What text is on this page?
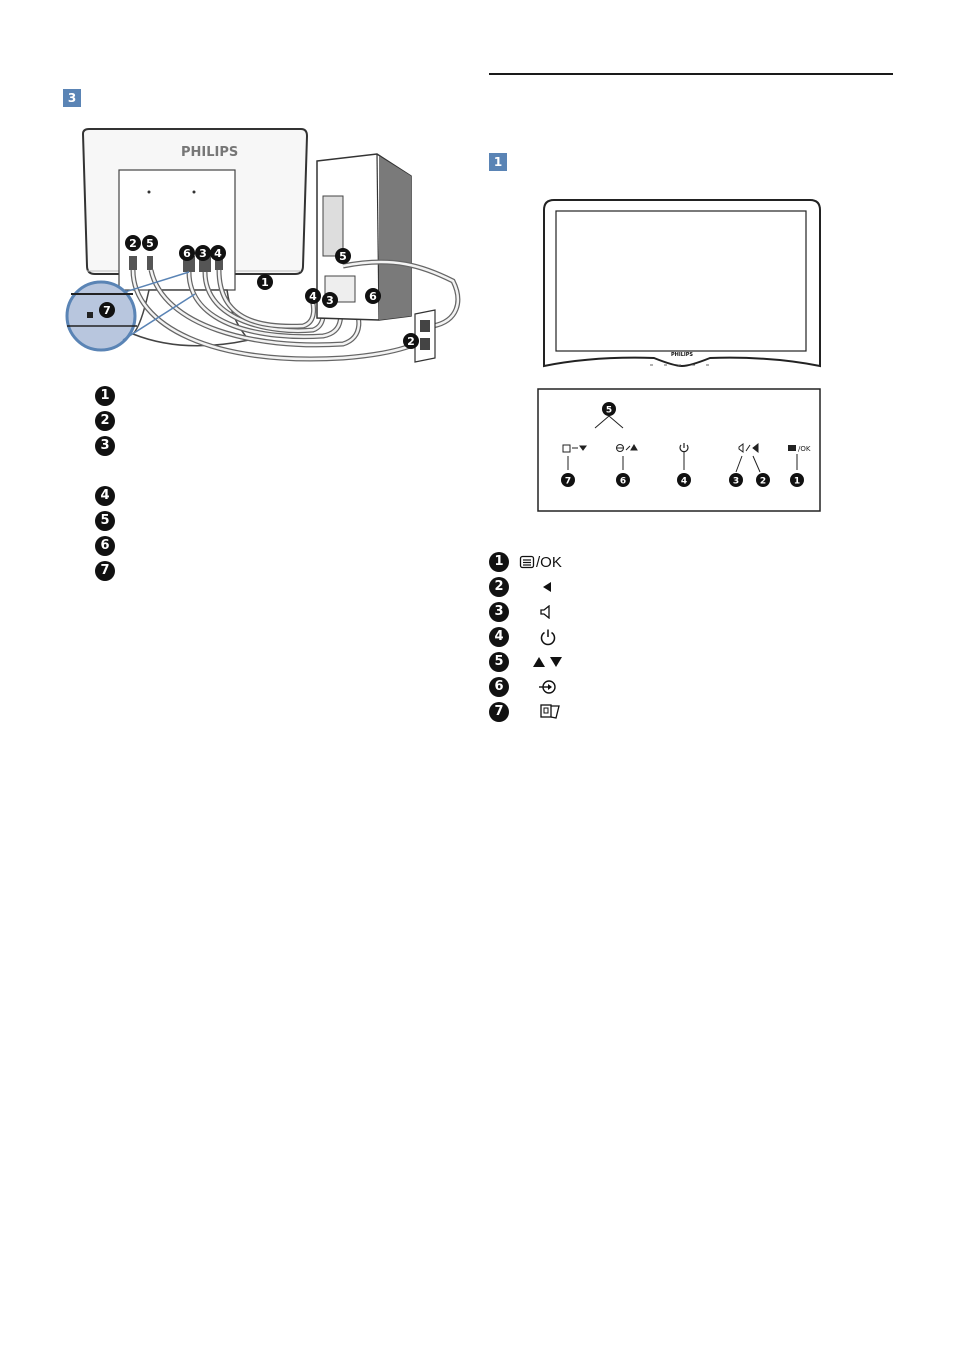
3
PHILIPS
2 5
6 3 4
1
7
4 3
5
6
2
1
2
3
4
5
6
7
1
PHILIPS
/OK
5
7	6	4	3 2	1
1	/OK
2
3
4
5
6
7
